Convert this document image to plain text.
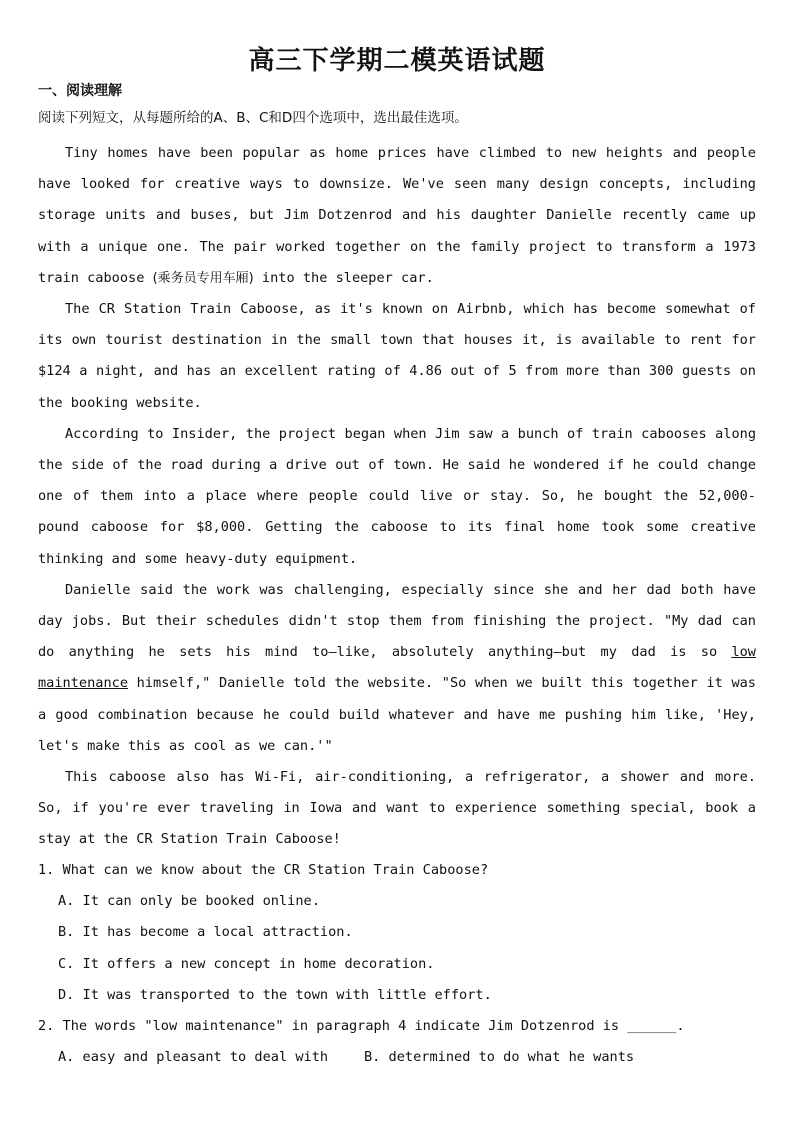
高三下学期二模英语试题
一、阅读理解
阅读下列短文，从每题所给的A、B、C和D四个选项中，选出最佳选项。

Tiny homes have been popular as home prices have climbed to new heights and people have looked for creative ways to downsize. We've seen many design concepts, including storage units and buses, but Jim Dotzenrod and his daughter Danielle recently came up with a unique one. The pair worked together on the family project to transform a 1973 train caboose (乘务员专用车厢) into the sleeper car.

The CR Station Train Caboose, as it's known on Airbnb, which has become somewhat of its own tourist destination in the small town that houses it, is available to rent for $124 a night, and has an excellent rating of 4.86 out of 5 from more than 300 guests on the booking website.

According to Insider, the project began when Jim saw a bunch of train cabooses along the side of the road during a drive out of town. He said he wondered if he could change one of them into a place where people could live or stay. So, he bought the 52,000-pound caboose for $8,000. Getting the caboose to its final home took some creative thinking and some heavy-duty equipment.

Danielle said the work was challenging, especially since she and her dad both have day jobs. But their schedules didn't stop them from finishing the project. "My dad can do anything he sets his mind to—like, absolutely anything—but my dad is so low maintenance himself," Danielle told the website. "So when we built this together it was a good combination because he could build whatever and have me pushing him like, 'Hey, let's make this as cool as we can.'"

This caboose also has Wi-Fi, air-conditioning, a refrigerator, a shower and more. So, if you're ever traveling in Iowa and want to experience something special, book a stay at the CR Station Train Caboose!

1. What can we know about the CR Station Train Caboose?

A. It can only be booked online.

B. It has become a local attraction.

C. It offers a new concept in home decoration.

D. It was transported to the town with little effort.

2. The words "low maintenance" in paragraph 4 indicate Jim Dotzenrod is ______.

A. easy and pleasant to deal with	B. determined to do what he wants
